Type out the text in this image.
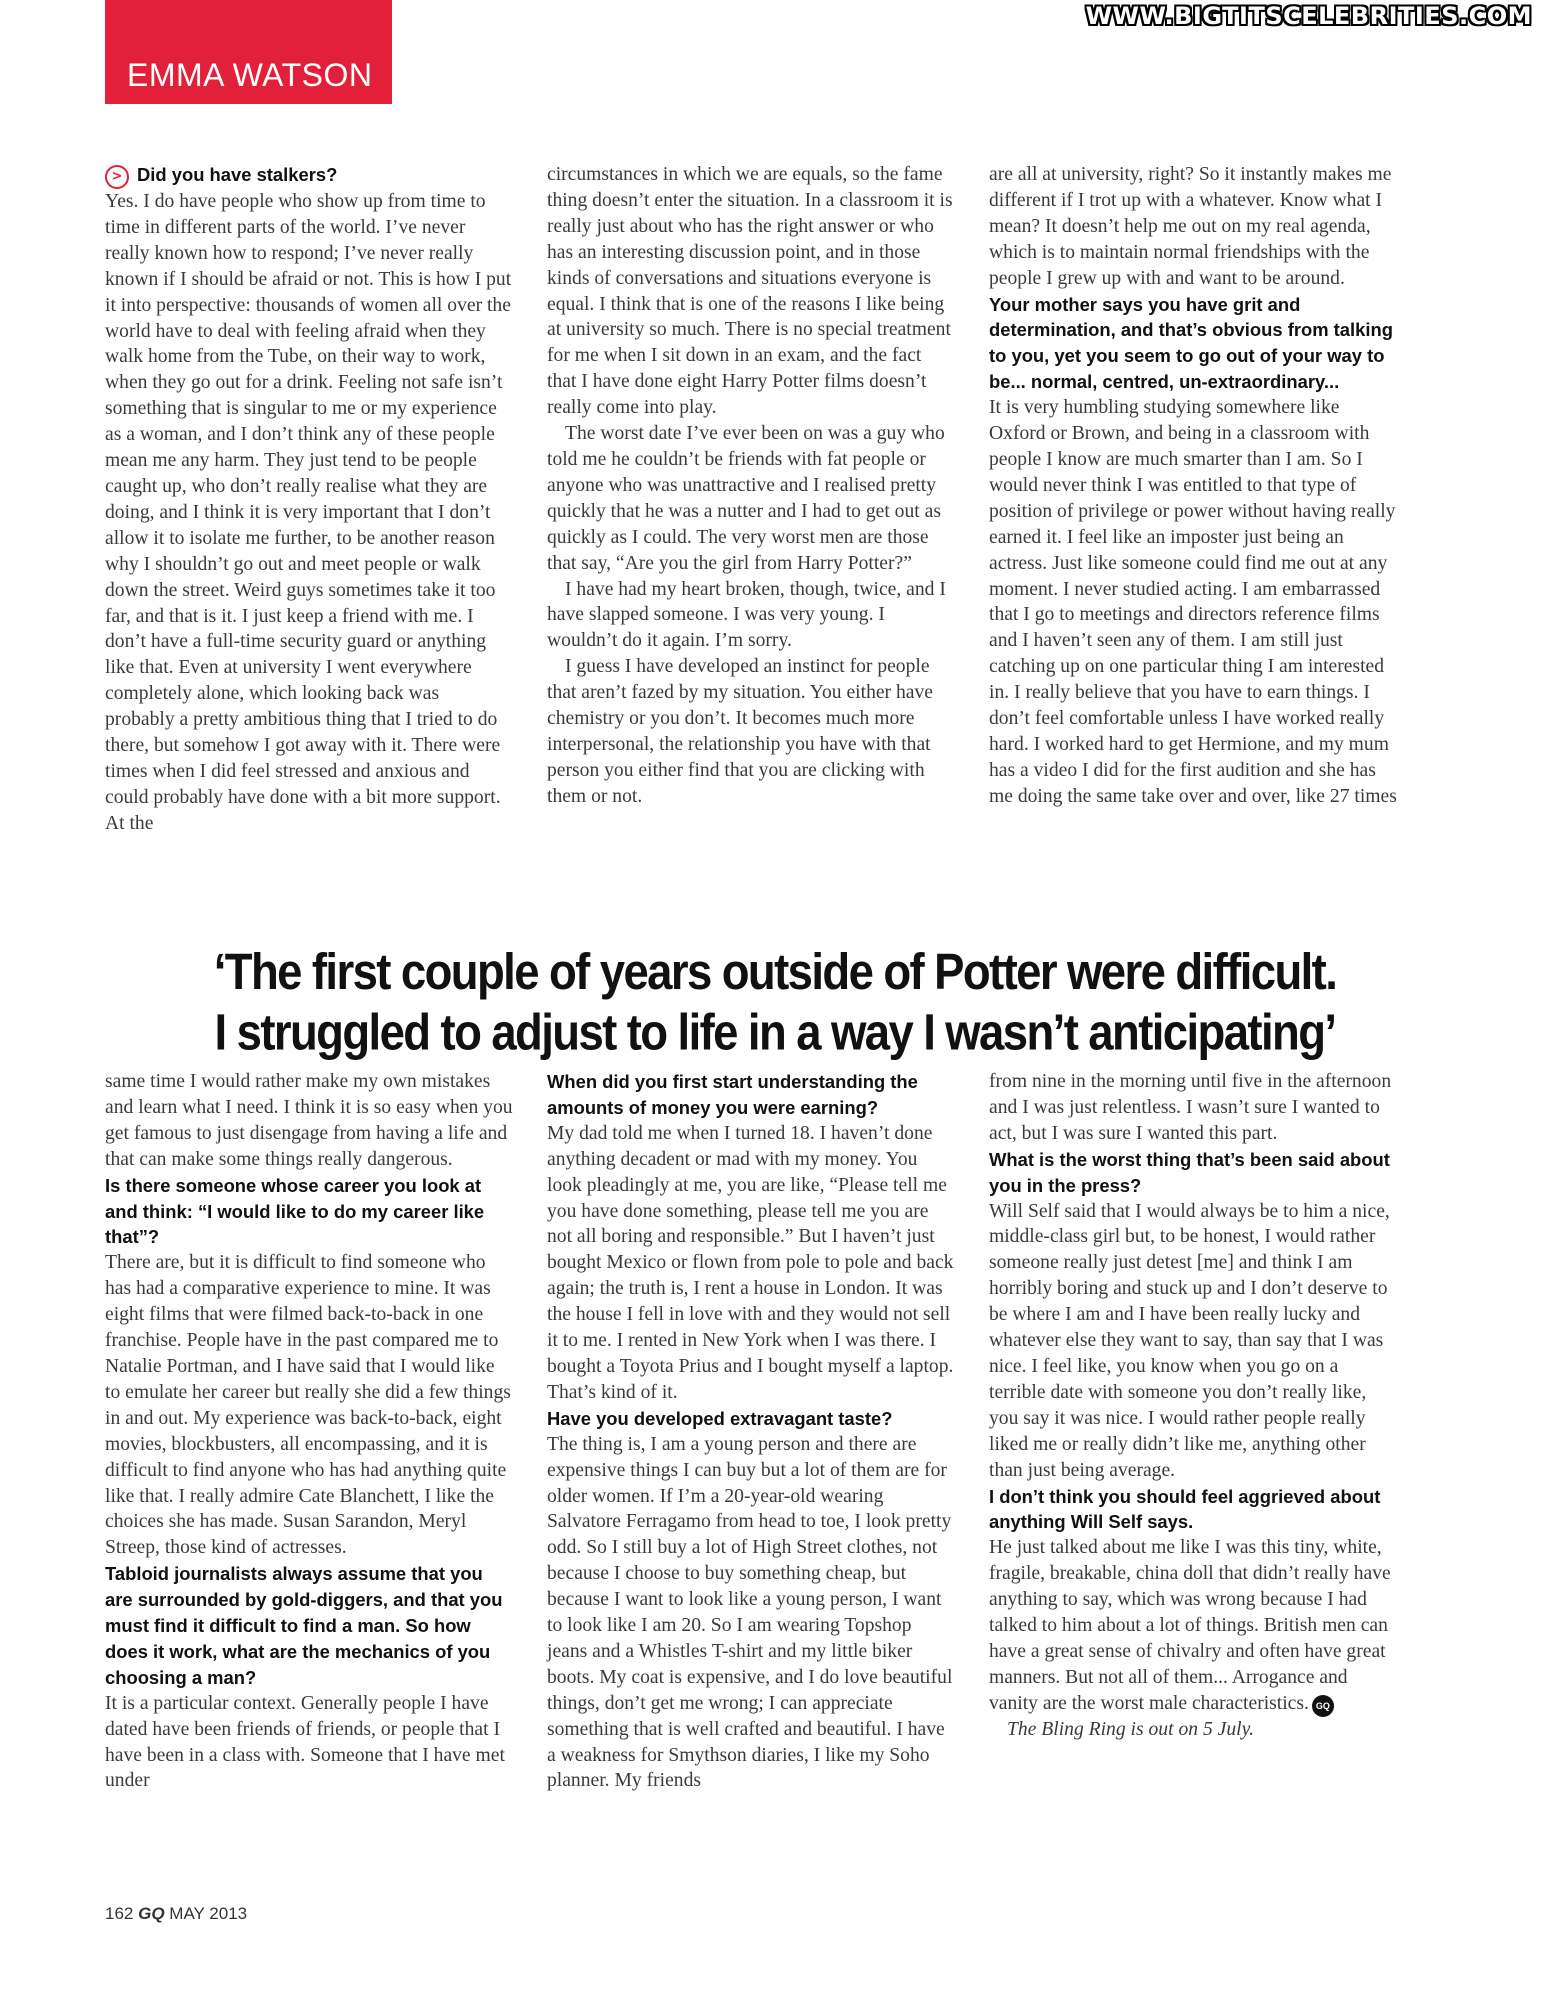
WWW.BIGTITSCELEBRITIES.COM
EMMA WATSON

> Did you have stalkers?

Yes. I do have people who show up from time to time in different parts of the world. I’ve never really known how to respond; I’ve never really known if I should be afraid or not. This is how I put it into perspective: thousands of women all over the world have to deal with feeling afraid when they walk home from the Tube, on their way to work, when they go out for a drink. Feeling not safe isn’t something that is singular to me or my experience as a woman, and I don’t think any of these people mean me any harm. They just tend to be people caught up, who don’t really realise what they are doing, and I think it is very important that I don’t allow it to isolate me further, to be another reason why I shouldn’t go out and meet people or walk down the street. Weird guys sometimes take it too far, and that is it. I just keep a friend with me. I don’t have a full-time security guard or anything like that. Even at university I went everywhere completely alone, which looking back was probably a pretty ambitious thing that I tried to do there, but somehow I got away with it. There were times when I did feel stressed and anxious and could probably have done with a bit more support. At the

circumstances in which we are equals, so the fame thing doesn’t enter the situation. In a classroom it is really just about who has the right answer or who has an interesting discussion point, and in those kinds of conversations and situations everyone is equal. I think that is one of the reasons I like being at university so much. There is no special treatment for me when I sit down in an exam, and the fact that I have done eight Harry Potter films doesn’t really come into play.

The worst date I’ve ever been on was a guy who told me he couldn’t be friends with fat people or anyone who was unattractive and I realised pretty quickly that he was a nutter and I had to get out as quickly as I could. The very worst men are those that say, “Are you the girl from Harry Potter?”

I have had my heart broken, though, twice, and I have slapped someone. I was very young. I wouldn’t do it again. I’m sorry.

I guess I have developed an instinct for people that aren’t fazed by my situation. You either have chemistry or you don’t. It becomes much more interpersonal, the relationship you have with that person you either find that you are clicking with them or not.

are all at university, right? So it instantly makes me different if I trot up with a whatever. Know what I mean? It doesn’t help me out on my real agenda, which is to maintain normal friendships with the people I grew up with and want to be around.

Your mother says you have grit and determination, and that’s obvious from talking to you, yet you seem to go out of your way to be... normal, centred, un-extraordinary...

It is very humbling studying somewhere like Oxford or Brown, and being in a classroom with people I know are much smarter than I am. So I would never think I was entitled to that type of position of privilege or power without having really earned it. I feel like an imposter just being an actress. Just like someone could find me out at any moment. I never studied acting. I am embarrassed that I go to meetings and directors reference films and I haven’t seen any of them. I am still just catching up on one particular thing I am interested in. I really believe that you have to earn things. I don’t feel comfortable unless I have worked really hard. I worked hard to get Hermione, and my mum has a video I did for the first audition and she has me doing the same take over and over, like 27 times

‘The first couple of years outside of Potter were difficult.
I struggled to adjust to life in a way I wasn’t anticipating’

same time I would rather make my own mistakes and learn what I need. I think it is so easy when you get famous to just disengage from having a life and that can make some things really dangerous.

Is there someone whose career you look at and think: “I would like to do my career like that”?

There are, but it is difficult to find someone who has had a comparative experience to mine. It was eight films that were filmed back-to-back in one franchise. People have in the past compared me to Natalie Portman, and I have said that I would like to emulate her career but really she did a few things in and out. My experience was back-to-back, eight movies, blockbusters, all encompassing, and it is difficult to find anyone who has had anything quite like that. I really admire Cate Blanchett, I like the choices she has made. Susan Sarandon, Meryl Streep, those kind of actresses.

Tabloid journalists always assume that you are surrounded by gold-diggers, and that you must find it difficult to find a man. So how does it work, what are the mechanics of you choosing a man?

It is a particular context. Generally people I have dated have been friends of friends, or people that I have been in a class with. Someone that I have met under

When did you first start understanding the amounts of money you were earning?

My dad told me when I turned 18. I haven’t done anything decadent or mad with my money. You look pleadingly at me, you are like, “Please tell me you have done something, please tell me you are not all boring and responsible.” But I haven’t just bought Mexico or flown from pole to pole and back again; the truth is, I rent a house in London. It was the house I fell in love with and they would not sell it to me. I rented in New York when I was there. I bought a Toyota Prius and I bought myself a laptop. That’s kind of it.

Have you developed extravagant taste?

The thing is, I am a young person and there are expensive things I can buy but a lot of them are for older women. If I’m a 20-year-old wearing Salvatore Ferragamo from head to toe, I look pretty odd. So I still buy a lot of High Street clothes, not because I choose to buy something cheap, but because I want to look like a young person, I want to look like I am 20. So I am wearing Topshop jeans and a Whistles T-shirt and my little biker boots. My coat is expensive, and I do love beautiful things, don’t get me wrong; I can appreciate something that is well crafted and beautiful. I have a weakness for Smythson diaries, I like my Soho planner. My friends

from nine in the morning until five in the afternoon and I was just relentless. I wasn’t sure I wanted to act, but I was sure I wanted this part.

What is the worst thing that’s been said about you in the press?

Will Self said that I would always be to him a nice, middle-class girl but, to be honest, I would rather someone really just detest [me] and think I am horribly boring and stuck up and I don’t deserve to be where I am and I have been really lucky and whatever else they want to say, than say that I was nice. I feel like, you know when you go on a terrible date with someone you don’t really like, you say it was nice. I would rather people really liked me or really didn’t like me, anything other than just being average.

I don’t think you should feel aggrieved about anything Will Self says.

He just talked about me like I was this tiny, white, fragile, breakable, china doll that didn’t really have anything to say, which was wrong because I had talked to him about a lot of things. British men can have a great sense of chivalry and often have great manners. But not all of them... Arrogance and vanity are the worst male characteristics. GQ

The Bling Ring is out on 5 July.

162 GQ MAY 2013
